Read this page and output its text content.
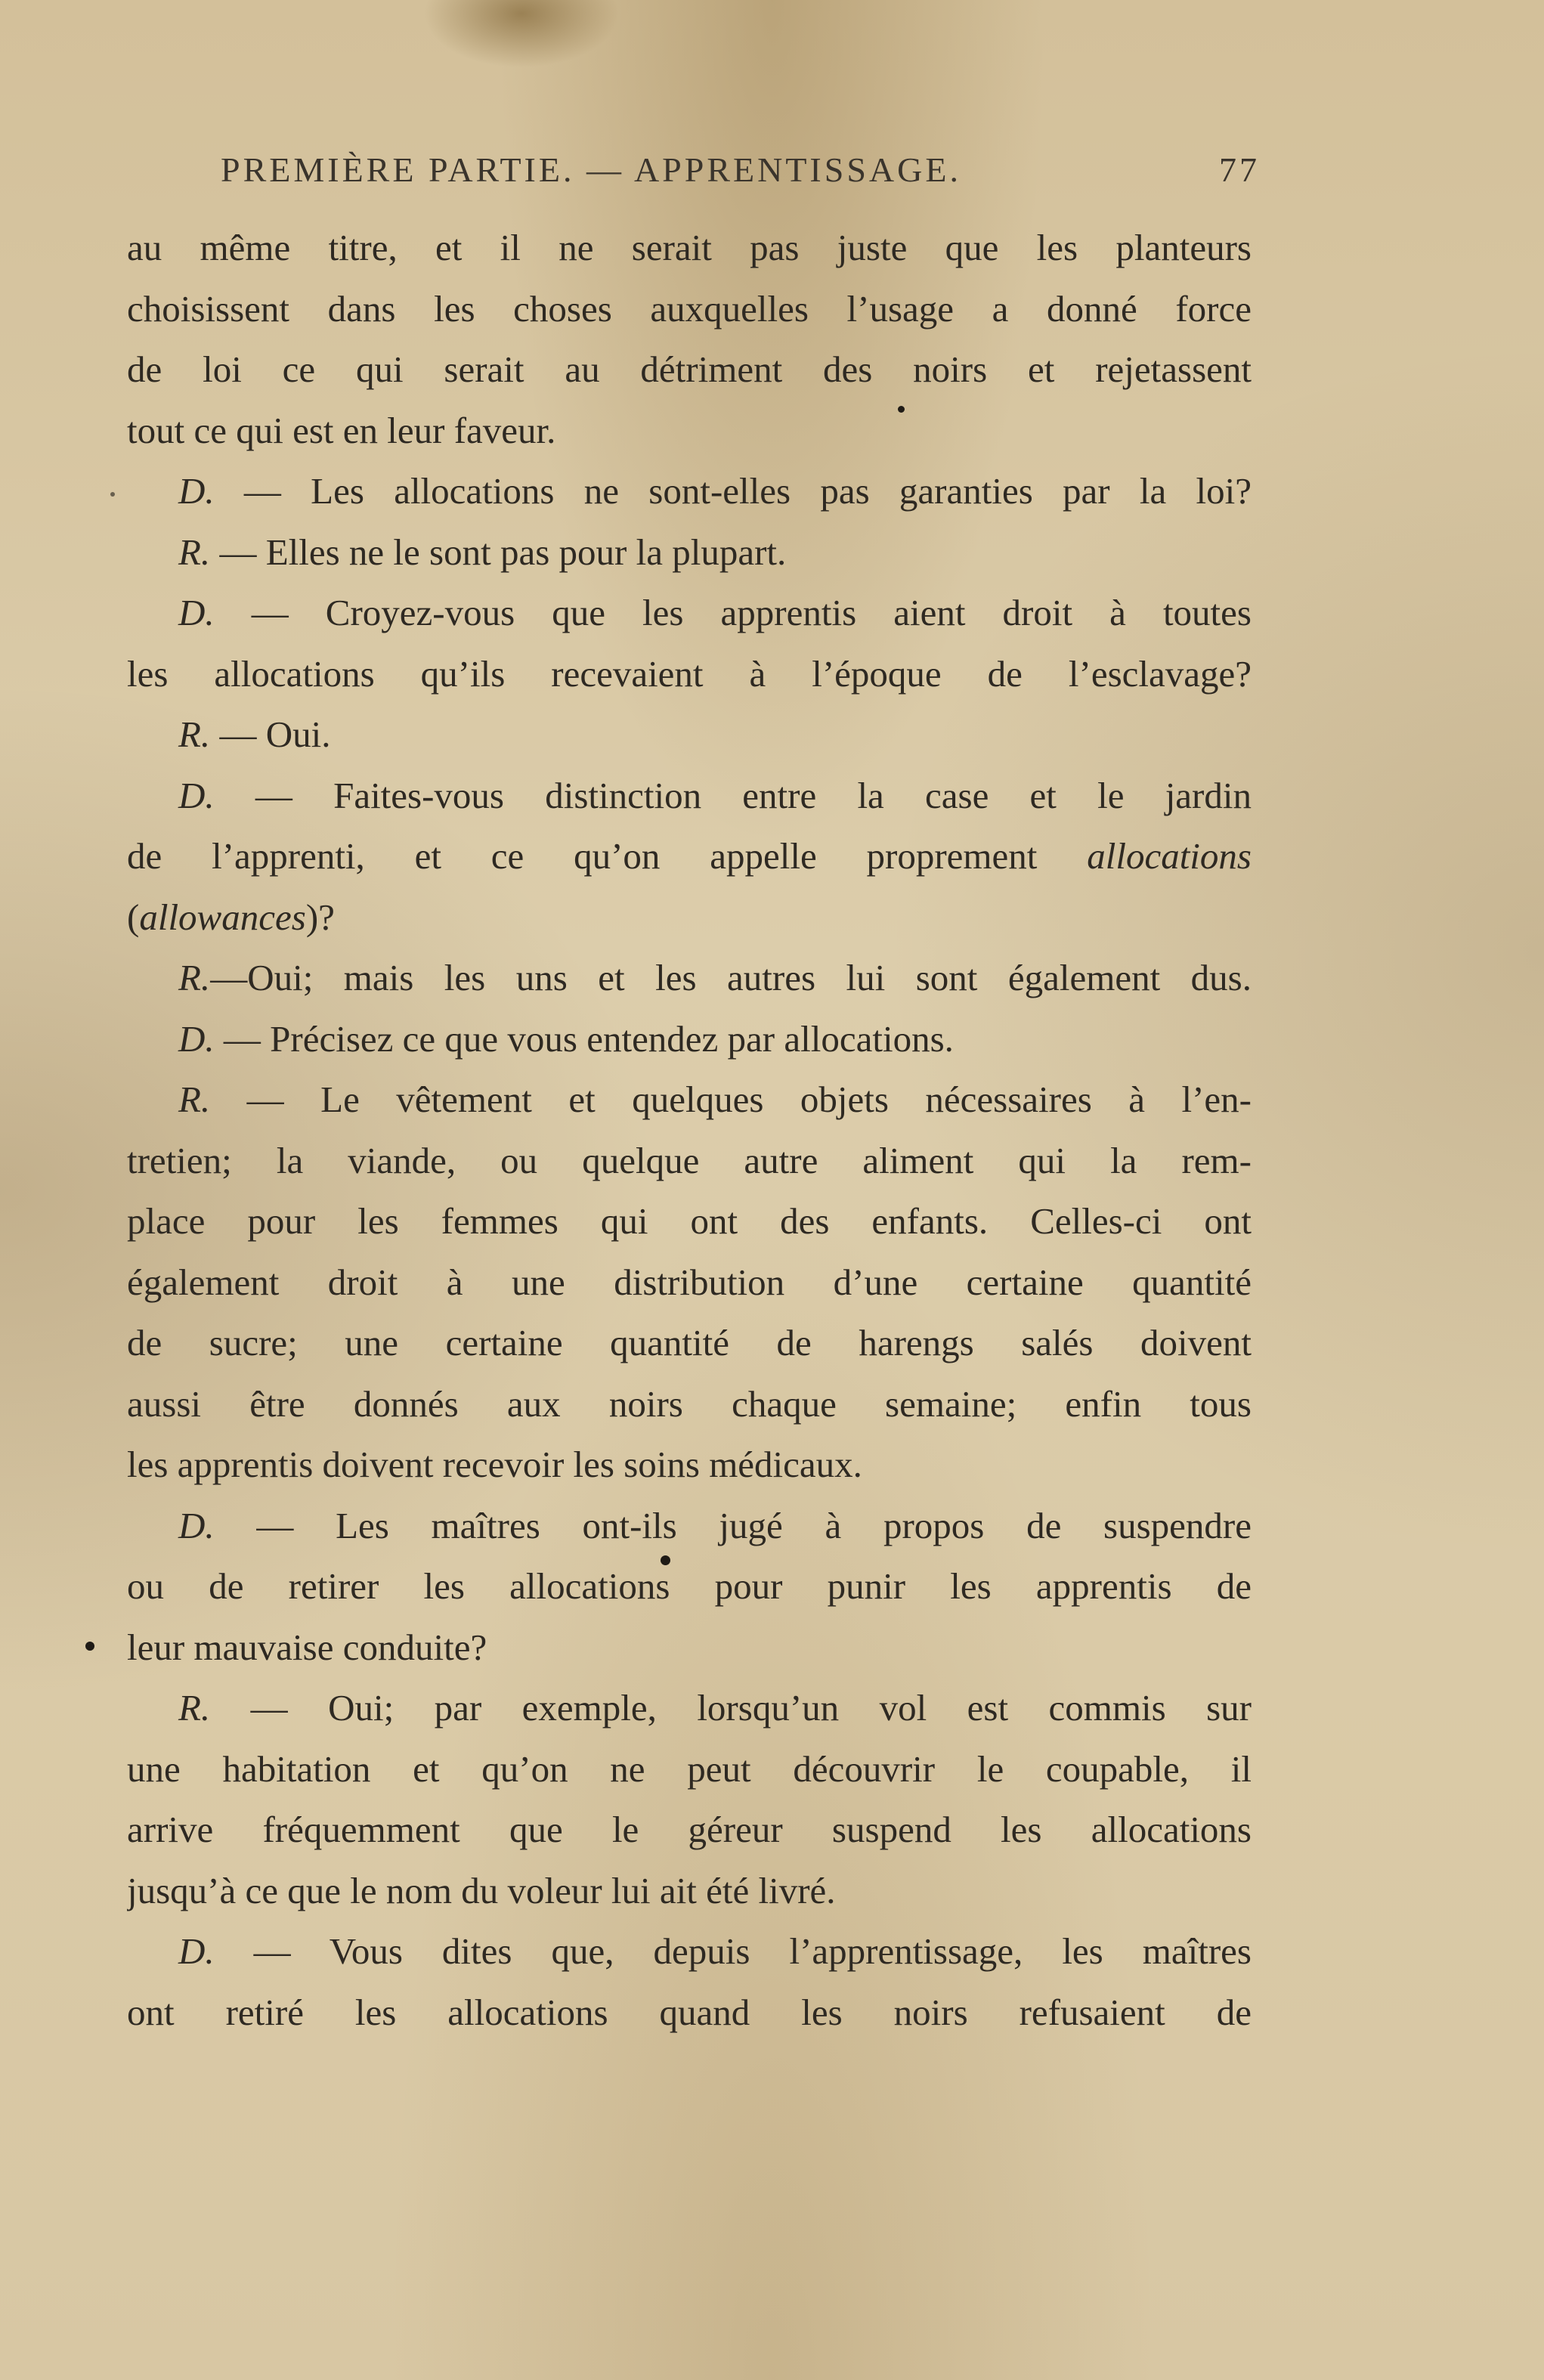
PREMIÈRE PARTIE. — APPRENTISSAGE.	77
au même titre, et il ne serait pas juste que les planteurs
choisissent dans les choses auxquelles l’usage a donné force
de loi ce qui serait au détriment des noirs et rejetassent
tout ce qui est en leur faveur.
D. — Les allocations ne sont-elles pas garanties par la loi?
R. — Elles ne le sont pas pour la plupart.
D. — Croyez-vous que les apprentis aient droit à toutes
les allocations qu’ils recevaient à l’époque de l’esclavage?
R. — Oui.
D. — Faites-vous distinction entre la case et le jardin
de l’apprenti, et ce qu’on appelle proprement allocations
(allowances)?
R.—Oui; mais les uns et les autres lui sont également dus.
D. — Précisez ce que vous entendez par allocations.
R. — Le vêtement et quelques objets nécessaires à l’en-
tretien; la viande, ou quelque autre aliment qui la rem-
place pour les femmes qui ont des enfants. Celles-ci ont
également droit à une distribution d’une certaine quantité
de sucre; une certaine quantité de harengs salés doivent
aussi être donnés aux noirs chaque semaine; enfin tous
les apprentis doivent recevoir les soins médicaux.
D. — Les maîtres ont-ils jugé à propos de suspendre
ou de retirer les allocations pour punir les apprentis de
leur mauvaise conduite?
R. — Oui; par exemple, lorsqu’un vol est commis sur
une habitation et qu’on ne peut découvrir le coupable, il
arrive fréquemment que le géreur suspend les allocations
jusqu’à ce que le nom du voleur lui ait été livré.
D. — Vous dites que, depuis l’apprentissage, les maîtres
ont retiré les allocations quand les noirs refusaient de
